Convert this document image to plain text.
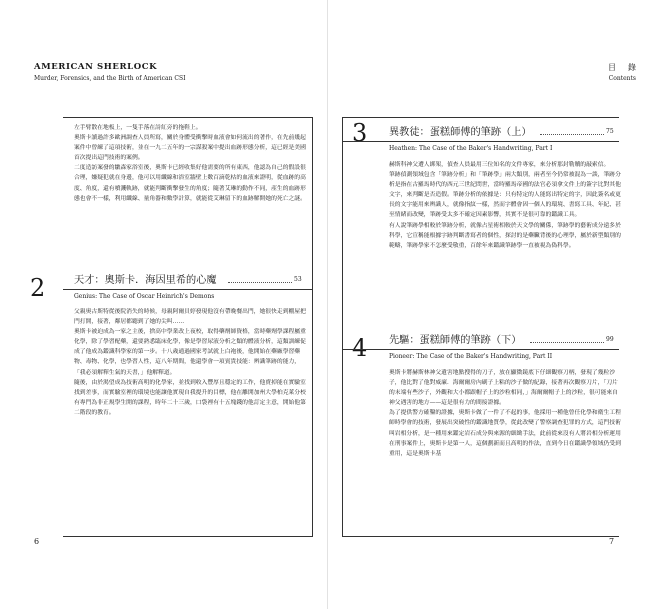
AMERICAN SHERLOCK

Murder, Forensics, and the Birth of American CSI

左手臂散在地板上，一隻手落在詩紅旁的拖鞋上。

奧斯卡讀過許多歐洲調查人員所寫，關於身體受衝擊時血液會如何流出的著作，在先前幾起案件中曾練了這項技術，並在一九二五年的一宗謀殺案中提出血跡形態分析，這已經是美國首次提出這門技術的案例。

二度造訪案發的皺森家浴室後，奧斯卡已經收集好他需要的所有東西，他認為自己的假設很合理，嫌疑犯就在身邊，他可以用纖線和浴室牆壁上數百滴乾枯的血液來證明，從血跡的高度、角度，還有噴濺軌跡，就能判斷衝擊發生的角度；隨著艾琳的動作不同，產生的血跡形態也會不一樣，利用纖線、量角器和數學計算，就能從艾琳留下的血跡解開她的死亡之謎。

2	天才：奧斯卡．海因里希的心魔	53

Genius: The Case of Oscar Heinrich's Demons

父親奧古斯特從後院消失的時候，母親阿爾貝婷發現他沒有帶晚餐出門，她很快走到棚屋把門打開，接著，鄰居都聽到了她的尖叫……

奧斯卡被迫成為一家之主後，捨高中學業改上夜校，取得藥劑師資格，當時藥劑學課程屬重化學，除了學習配藥，還要熟悉臨床化學，像是學習尿液分析之類的體液分析，這類訓練促成了他成為鑑識科學家的第一步。十八歲通過國家考試就上白袍後，他開始在藥廠學習藥物、毒物、化學，也學習人性，這八年期間，他還學會一項賓貴技能：辨識筆跡的能力，「我必須解釋生氣的天書，」他解釋道。

隨後，由於渴望成為技術高明的化學家，並找到收入豐厚且穩定的工作，他賣掉能在實驗室找到差事，而實驗室裡的環境也能讓他實現自我提升的目標，他在離開加州大學柏克萊分校有專門為非正規學生開的課程，時年二十三歲，口袋裡有十五塊錢的他訂定主意，開始他第二階段的教育。

6

目　錄

Contents

3 異教徒：蛋糕師傅的筆跡（上）	75

Heathen: The Case of the Baker's Handwriting, Part I

赫斯科神父遭人綁架，偵查人員最用三位知名的文件專家，來分析那封勒贖的敲索信。

筆跡偵測領域包含「筆跡分析」和「筆跡學」兩大類別，兩者至今仍常被混為一談，筆跡分析是指在古羅馬時代的西元三世紀問世，當時羅馬帝國的法官必須拿文件上的簽字比對其他文字，來判斷是否造假。筆跡分析的依據是：只有特定的人能寫出特定的字，因此簽名或更長的文字能用來辨識人，就像指紋一樣，然而字體會因一個人的環境、書寫工具、年紀、甚至情緒而改變，筆跡受太多不確定因素影響，其實不是很可靠的鑑識工具。

有人說筆跡學相較於筆跡分析，就像占星術相較於天文學的關係，筆跡學的藝術成分遠多於科學，它宣稱能根據字跡判斷書寫者的個性，探討的是藥臟背後的心理學，屬於新型類別的範疇，筆跡學家不怎麼受敬重，百餘年來鑑識筆跡學一直被視為偽科學。

4 先驅：蛋糕師傅的筆跡（下）	99

Pioneer: The Case of the Baker's Handwriting, Part II

奧斯卡將赫斯林神父遺害地點搜得的刀子，放在顯微鏡底下仔細觀察刀柄，發現了幾粒沙子，他比對了他對威廉．海爾爾房內刷子上粘的沙子做的紀錄，接著再次觀察刀片，「刀片的末端有些沙子，外觀和大小都跟帽子上的沙粒相同，」海爾爾帽子上的沙粒，很可能來自神父遇害的地方——這是很有力的間接證據。

為了提供警方確鑿的證據，奧斯卡做了一件了不起的事，他採用一種他曾任化學和衛生工程師時學會的技術，發展出突破性的鑑識地質學，從此改變了警察調查犯罪的方式，這門技術叫岩相分析，是一種用來鑑定岩石成分與來源的細緻手法，此前從來沒有人將岩相分析運用在刑事案件上，奧斯卡是第一人，這個劃新而且高明的作法，直到今日在鑑識學領域仍受到重用，這是奧斯卡基

7
